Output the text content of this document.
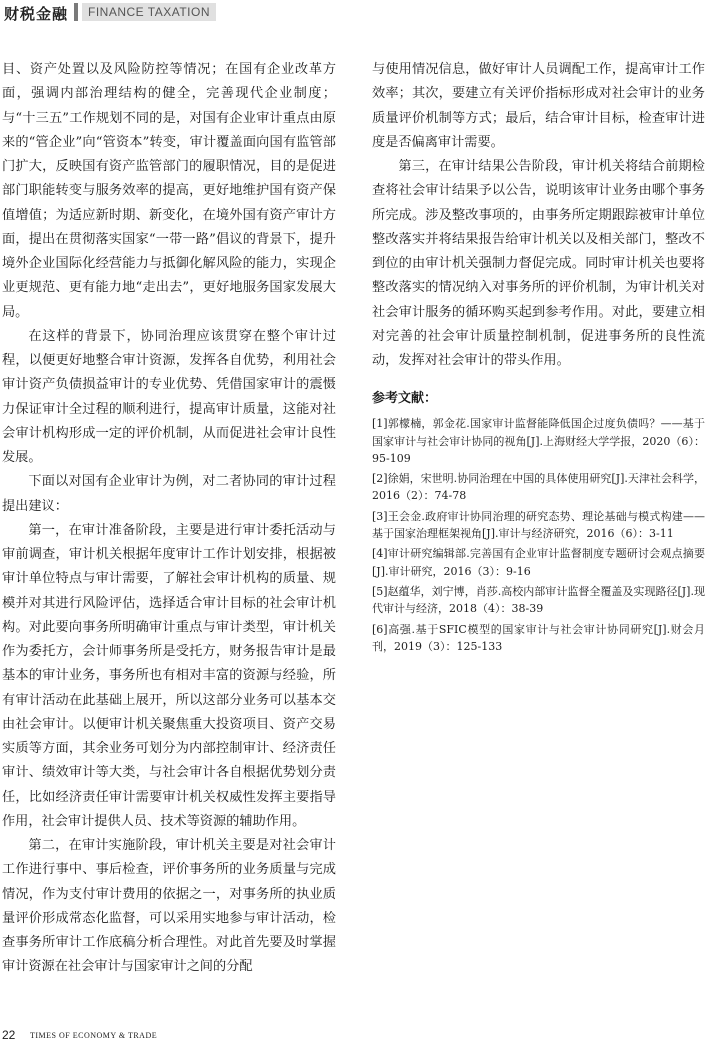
财税金融	FINANCE TAXATION

目、资产处置以及风险防控等情况；在国有企业改革方面，强调内部治理结构的健全，完善现代企业制度；与“十三五”工作规划不同的是，对国有企业审计重点由原来的“管企业”向“管资本”转变，审计覆盖面向国有监管部门扩大，反映国有资产监管部门的履职情况，目的是促进部门职能转变与服务效率的提高，更好地维护国有资产保值增值；为适应新时期、新变化，在境外国有资产审计方面，提出在贯彻落实国家“一带一路”倡议的背景下，提升境外企业国际化经营能力与抵御化解风险的能力，实现企业更规范、更有能力地“走出去”，更好地服务国家发展大局。

在这样的背景下，协同治理应该贯穿在整个审计过程，以便更好地整合审计资源，发挥各自优势，利用社会审计资产负债损益审计的专业优势、凭借国家审计的震慑力保证审计全过程的顺利进行，提高审计质量，这能对社会审计机构形成一定的评价机制，从而促进社会审计良性发展。

下面以对国有企业审计为例，对二者协同的审计过程提出建议：

第一，在审计准备阶段，主要是进行审计委托活动与审前调查，审计机关根据年度审计工作计划安排，根据被审计单位特点与审计需要，了解社会审计机构的质量、规模并对其进行风险评估，选择适合审计目标的社会审计机构。对此要向事务所明确审计重点与审计类型，审计机关作为委托方，会计师事务所是受托方，财务报告审计是最基本的审计业务，事务所也有相对丰富的资源与经验，所有审计活动在此基础上展开，所以这部分业务可以基本交由社会审计。以便审计机关聚焦重大投资项目、资产交易实质等方面，其余业务可划分为内部控制审计、经济责任审计、绩效审计等大类，与社会审计各自根据优势划分责任，比如经济责任审计需要审计机关权威性发挥主要指导作用，社会审计提供人员、技术等资源的辅助作用。

第二，在审计实施阶段，审计机关主要是对社会审计工作进行事中、事后检查，评价事务所的业务质量与完成情况，作为支付审计费用的依据之一，对事务所的执业质量评价形成常态化监督，可以采用实地参与审计活动，检查事务所审计工作底稿分析合理性。对此首先要及时掌握审计资源在社会审计与国家审计之间的分配

与使用情况信息，做好审计人员调配工作，提高审计工作效率；其次，要建立有关评价指标形成对社会审计的业务质量评价机制等方式；最后，结合审计目标，检查审计进度是否偏离审计需要。

第三，在审计结果公告阶段，审计机关将结合前期检查将社会审计结果予以公告，说明该审计业务由哪个事务所完成。涉及整改事项的，由事务所定期跟踪被审计单位整改落实并将结果报告给审计机关以及相关部门，整改不到位的由审计机关强制力督促完成。同时审计机关也要将整改落实的情况纳入对事务所的评价机制，为审计机关对社会审计服务的循环购买起到参考作用。对此，要建立相对完善的社会审计质量控制机制，促进事务所的良性流动，发挥对社会审计的带头作用。

参考文献：

[1]郭檬楠，郭金花.国家审计监督能降低国企过度负债吗？——基于国家审计与社会审计协同的视角[J].上海财经大学学报，2020（6）：95-109

[2]徐娟，宋世明.协同治理在中国的具体使用研究[J].天津社会科学，2016（2）：74-78

[3]王会金.政府审计协同治理的研究态势、理论基础与模式构建——基于国家治理框架视角[J].审计与经济研究，2016（6）：3-11

[4]审计研究编辑部.完善国有企业审计监督制度专题研讨会观点摘要[J].审计研究，2016（3）：9-16

[5]赵蕴华，刘宁博，肖莎.高校内部审计监督全覆盖及实现路径[J].现代审计与经济，2018（4）：38-39

[6]高强.基于SFIC模型的国家审计与社会审计协同研究[J].财会月刊，2019（3）：125-133

22 TIMES OF ECONOMY & TRADE
